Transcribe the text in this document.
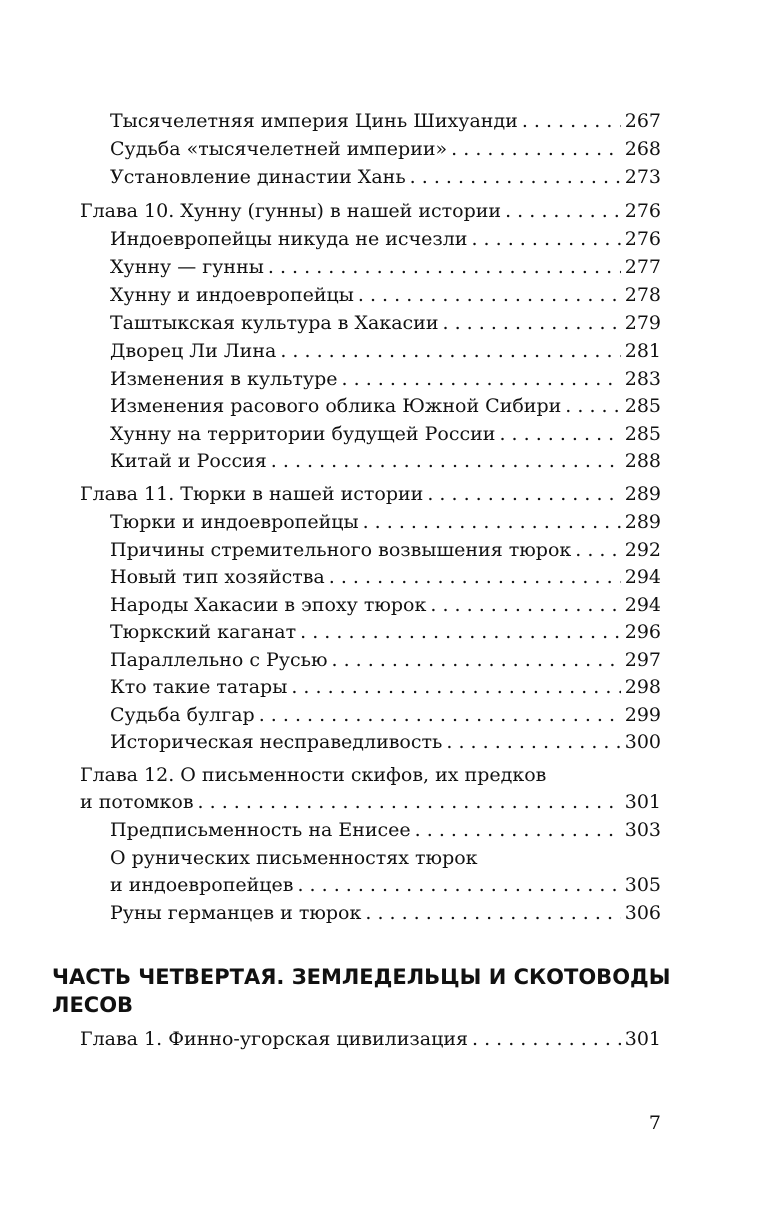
Тысячелетняя империя Цинь Шихуанди . . .	267
Судьба «тысячелетней империи» . . .	268
Установление династии Хань . . .	273
Глава 10. Хунну (гунны) в нашей истории . . .	276
Индоевропейцы никуда не исчезли . . .	276
Хунну — гунны . . .	277
Хунну и индоевропейцы . . .	278
Таштыкская культура в Хакасии . . .	279
Дворец Ли Лина . . .	281
Изменения в культуре . . .	283
Изменения расового облика Южной Сибири . . .	285
Хунну на территории будущей России . . .	285
Китай и Россия . . .	288
Глава 11. Тюрки в нашей истории . . .	289
Тюрки и индоевропейцы . . .	289
Причины стремительного возвышения тюрок . . .	292
Новый тип хозяйства . . .	294
Народы Хакасии в эпоху тюрок . . .	294
Тюркский каганат . . .	296
Параллельно с Русью . . .	297
Кто такие татары . . .	298
Судьба булгар . . .	299
Историческая несправедливость . . .	300
Глава 12. О письменности скифов, их предков
и потомков . . .	301
Предписьменность на Енисее . . .	303
О рунических письменностях тюрок
и индоевропейцев . . .	305
Руны германцев и тюрок . . .	306
ЧАСТЬ ЧЕТВЕРТАЯ. ЗЕМЛЕДЕЛЬЦЫ И СКОТОВОДЫ
ЛЕСОВ
Глава 1. Финно-угорская цивилизация . . .	301
7
